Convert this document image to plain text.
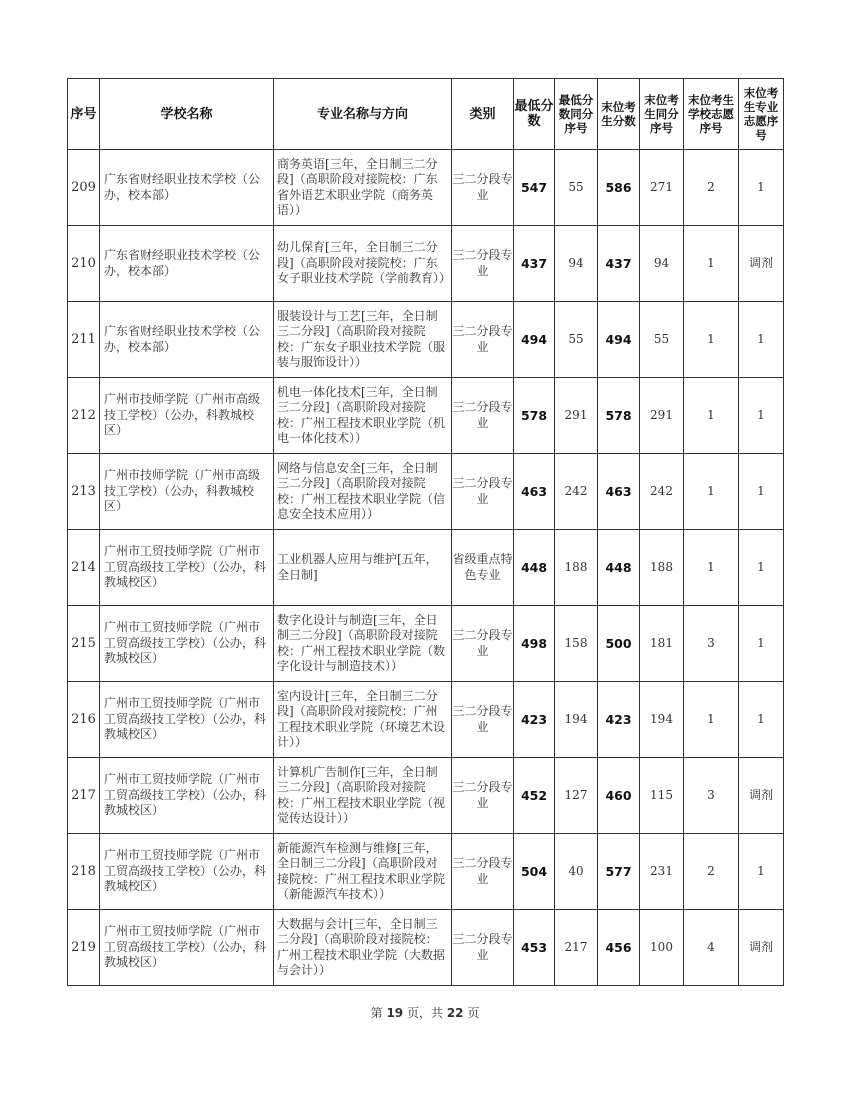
序号	学校名称	专业名称与方向	类别	最低分数	最低分数同分序号	末位考生分数	末位考生同分序号	末位考生学校志愿序号	末位考生专业志愿序号
209	广东省财经职业技术学校（公办，校本部）	商务英语[三年，全日制三二分段]（高职阶段对接院校：广东省外语艺术职业学院（商务英语））	三二分段专业	547	55	586	271	2	1
210	广东省财经职业技术学校（公办，校本部）	幼儿保育[三年，全日制三二分段]（高职阶段对接院校：广东女子职业技术学院（学前教育））	三二分段专业	437	94	437	94	1	调剂
211	广东省财经职业技术学校（公办，校本部）	服装设计与工艺[三年，全日制三二分段]（高职阶段对接院校：广东女子职业技术学院（服装与服饰设计））	三二分段专业	494	55	494	55	1	1
212	广州市技师学院（广州市高级技工学校）（公办，科教城校区）	机电一体化技术[三年，全日制三二分段]（高职阶段对接院校：广州工程技术职业学院（机电一体化技术））	三二分段专业	578	291	578	291	1	1
213	广州市技师学院（广州市高级技工学校）（公办，科教城校区）	网络与信息安全[三年，全日制三二分段]（高职阶段对接院校：广州工程技术职业学院（信息安全技术应用））	三二分段专业	463	242	463	242	1	1
214	广州市工贸技师学院（广州市工贸高级技工学校）（公办，科教城校区）	工业机器人应用与维护[五年，全日制]	省级重点特色专业	448	188	448	188	1	1
215	广州市工贸技师学院（广州市工贸高级技工学校）（公办，科教城校区）	数字化设计与制造[三年，全日制三二分段]（高职阶段对接院校：广州工程技术职业学院（数字化设计与制造技术））	三二分段专业	498	158	500	181	3	1
216	广州市工贸技师学院（广州市工贸高级技工学校）（公办，科教城校区）	室内设计[三年，全日制三二分段]（高职阶段对接院校：广州工程技术职业学院（环境艺术设计））	三二分段专业	423	194	423	194	1	1
217	广州市工贸技师学院（广州市工贸高级技工学校）（公办，科教城校区）	计算机广告制作[三年，全日制三二分段]（高职阶段对接院校：广州工程技术职业学院（视觉传达设计））	三二分段专业	452	127	460	115	3	调剂
218	广州市工贸技师学院（广州市工贸高级技工学校）（公办，科教城校区）	新能源汽车检测与维修[三年，全日制三二分段]（高职阶段对接院校：广州工程技术职业学院（新能源汽车技术））	三二分段专业	504	40	577	231	2	1
219	广州市工贸技师学院（广州市工贸高级技工学校）（公办，科教城校区）	大数据与会计[三年，全日制三二分段]（高职阶段对接院校：广州工程技术职业学院（大数据与会计））	三二分段专业	453	217	456	100	4	调剂
第 19 页，共 22 页
